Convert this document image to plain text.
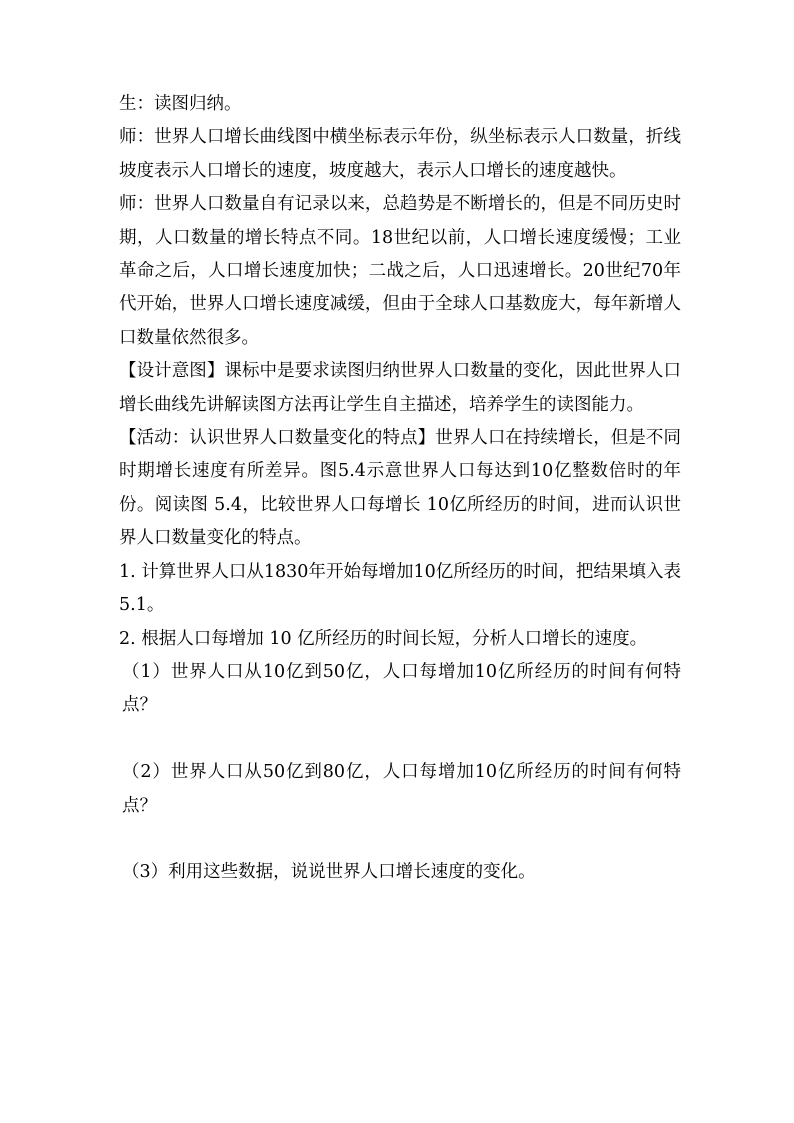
生：读图归纳。

师：世界人口增长曲线图中横坐标表示年份，纵坐标表示人口数量，折线坡度表示人口增长的速度，坡度越大，表示人口增长的速度越快。

师：世界人口数量自有记录以来，总趋势是不断增长的，但是不同历史时期，人口数量的增长特点不同。18世纪以前，人口增长速度缓慢；工业革命之后，人口增长速度加快；二战之后，人口迅速增长。20世纪70年代开始，世界人口增长速度减缓，但由于全球人口基数庞大，每年新增人口数量依然很多。

【设计意图】课标中是要求读图归纳世界人口数量的变化，因此世界人口增长曲线先讲解读图方法再让学生自主描述，培养学生的读图能力。

【活动：认识世界人口数量变化的特点】世界人口在持续增长，但是不同时期增长速度有所差异。图5.4示意世界人口每达到10亿整数倍时的年份。阅读图 5.4，比较世界人口每增长 10亿所经历的时间，进而认识世界人口数量变化的特点。

1. 计算世界人口从1830年开始每增加10亿所经历的时间，把结果填入表 5.1。

2. 根据人口每增加 10 亿所经历的时间长短，分析人口增长的速度。

（1）世界人口从10亿到50亿，人口每增加10亿所经历的时间有何特点？

（2）世界人口从50亿到80亿，人口每增加10亿所经历的时间有何特点？

（3）利用这些数据，说说世界人口增长速度的变化。
